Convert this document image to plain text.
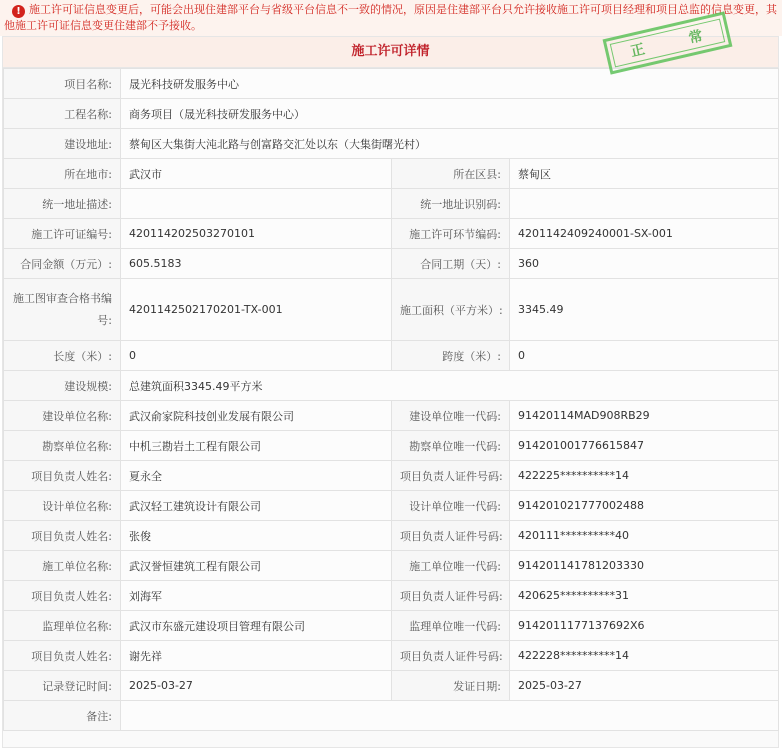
! 施工许可证信息变更后，可能会出现住建部平台与省级平台信息不一致的情况，原因是住建部平台只允许接收施工许可项目经理和项目总监的信息变更，其他施工许可证信息变更住建部不予接收。
施工许可详情
项目名称:	晟光科技研发服务中心		
工程名称:	商务项目（晟光科技研发服务中心）		
建设地址:	蔡甸区大集街大沌北路与创富路交汇处以东（大集街曙光村）		
所在地市:	武汉市	所在区县:	蔡甸区
统一地址描述:		统一地址识别码:	
施工许可证编号:	420114202503270101	施工许可环节编码:	4201142409240001-SX-001
合同金额（万元）:	605.5183	合同工期（天）:	360
施工图审查合格书编号:	4201142502170201-TX-001	施工面积（平方米）:	3345.49
长度（米）:	0	跨度（米）:	0
建设规模:	总建筑面积3345.49平方米		
建设单位名称:	武汉俞家院科技创业发展有限公司	建设单位唯一代码:	91420114MAD908RB29
勘察单位名称:	中机三勘岩土工程有限公司	勘察单位唯一代码:	914201001776615847
项目负责人姓名:	夏永全	项目负责人证件号码:	422225**********14
设计单位名称:	武汉轻工建筑设计有限公司	设计单位唯一代码:	914201021777002488
项目负责人姓名:	张俊	项目负责人证件号码:	420111**********40
施工单位名称:	武汉誉恒建筑工程有限公司	施工单位唯一代码:	914201141781203330
项目负责人姓名:	刘海军	项目负责人证件号码:	420625**********31
监理单位名称:	武汉市东盛元建设项目管理有限公司	监理单位唯一代码:	9142011177137692X6
项目负责人姓名:	谢先祥	项目负责人证件号码:	422228**********14
记录登记时间:	2025-03-27	发证日期:	2025-03-27
备注:			
正
常
